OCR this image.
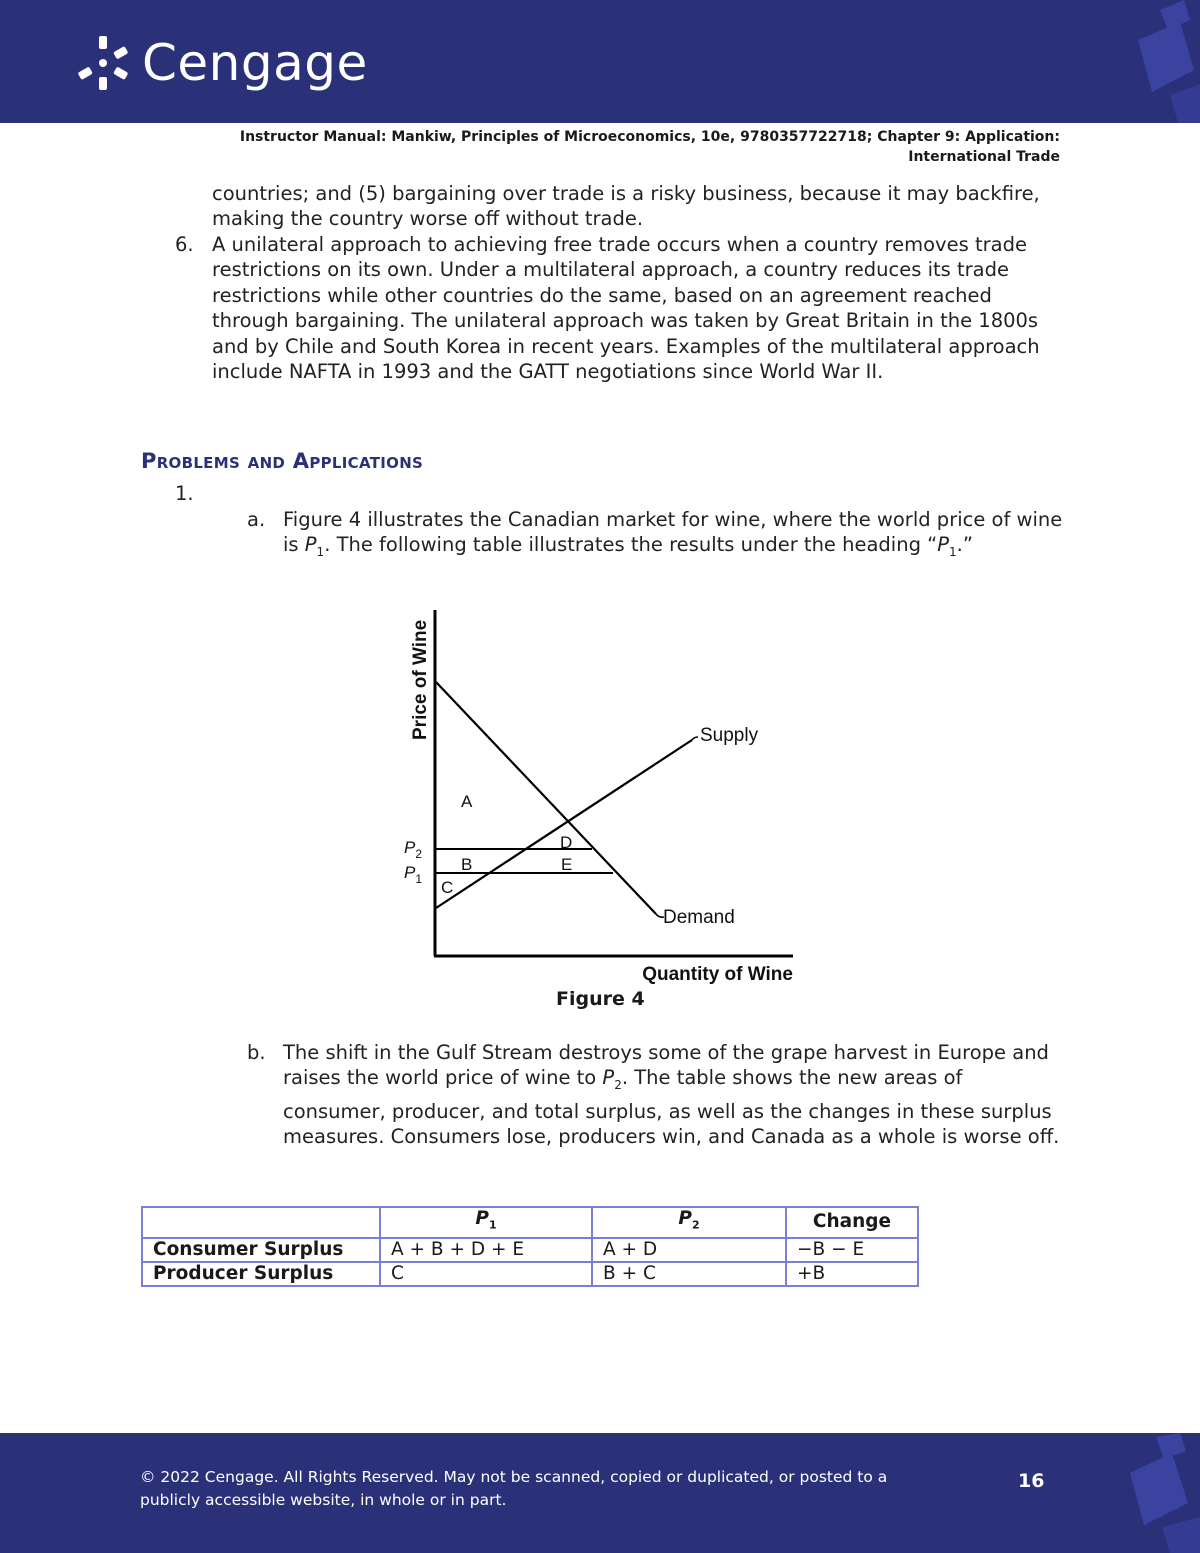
Cengage
Instructor Manual: Mankiw, Principles of Microeconomics, 10e, 9780357722718; Chapter 9: Application: International Trade
countries; and (5) bargaining over trade is a risky business, because it may backfire, making the country worse off without trade.
6. A unilateral approach to achieving free trade occurs when a country removes trade restrictions on its own. Under a multilateral approach, a country reduces its trade restrictions while other countries do the same, based on an agreement reached through bargaining. The unilateral approach was taken by Great Britain in the 1800s and by Chile and South Korea in recent years. Examples of the multilateral approach include NAFTA in 1993 and the GATT negotiations since World War II.
Problems and Applications
1.
a. Figure 4 illustrates the Canadian market for wine, where the world price of wine is $P_1$. The following table illustrates the results under the heading “$P_1$.”
Supply
Demand
A
B
C
D
E
$P_2$
$P_1$
Price of Wine
Quantity of Wine
Figure 4
b. The shift in the Gulf Stream destroys some of the grape harvest in Europe and raises the world price of wine to $P_2$. The table shows the new areas of consumer, producer, and total surplus, as well as the changes in these surplus measures. Consumers lose, producers win, and Canada as a whole is worse off.
	$P_1$	$P_2$	Change
Consumer Surplus	A + B + D + E	A + D	−B − E
Producer Surplus	C	B + C	+B
© 2022 Cengage. All Rights Reserved. May not be scanned, copied or duplicated, or posted to a publicly accessible website, in whole or in part.
16
